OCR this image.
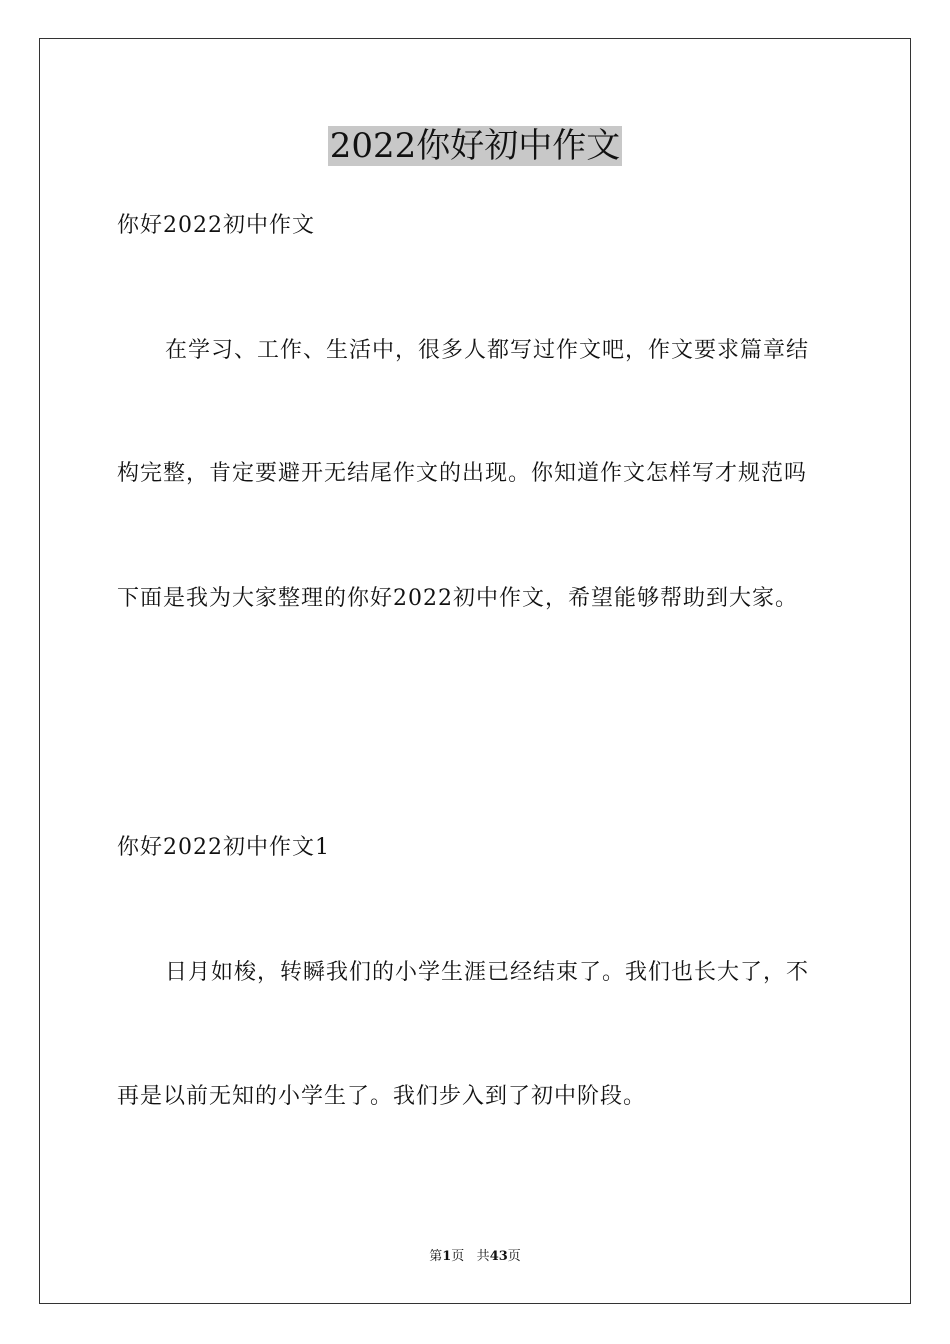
2022你好初中作文
你好2022初中作文
在学习、工作、生活中，很多人都写过作文吧，作文要求篇章结
构完整，肯定要避开无结尾作文的出现。你知道作文怎样写才规范吗
下面是我为大家整理的你好2022初中作文，希望能够帮助到大家。
你好2022初中作文1
日月如梭，转瞬我们的小学生涯已经结束了。我们也长大了，不
再是以前无知的小学生了。我们步入到了初中阶段。
第1页 共43页
